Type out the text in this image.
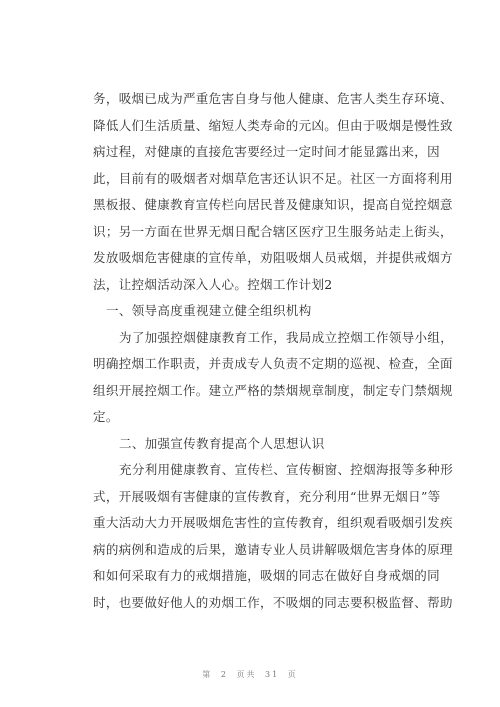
务，吸烟已成为严重危害自身与他人健康、危害人类生存环境、
降低人们生活质量、缩短人类寿命的元凶。但由于吸烟是慢性致
病过程，对健康的直接危害要经过一定时间才能显露出来，因
此，目前有的吸烟者对烟草危害还认识不足。社区一方面将利用
黑板报、健康教育宣传栏向居民普及健康知识，提高自觉控烟意
识；另一方面在世界无烟日配合辖区医疗卫生服务站走上街头，
发放吸烟危害健康的宣传单，劝阻吸烟人员戒烟，并提供戒烟方
法，让控烟活动深入人心。控烟工作计划2
一、领导高度重视建立健全组织机构
为了加强控烟健康教育工作，我局成立控烟工作领导小组，
明确控烟工作职责，并责成专人负责不定期的巡视、检查，全面
组织开展控烟工作。建立严格的禁烟规章制度，制定专门禁烟规
定。
二、加强宣传教育提高个人思想认识
充分利用健康教育、宣传栏、宣传橱窗、控烟海报等多种形
式，开展吸烟有害健康的宣传教育，充分利用“世界无烟日”等
重大活动大力开展吸烟危害性的宣传教育，组织观看吸烟引发疾
病的病例和造成的后果，邀请专业人员讲解吸烟危害身体的原理
和如何采取有力的戒烟措施，吸烟的同志在做好自身戒烟的同
时，也要做好他人的劝烟工作，不吸烟的同志要积极监督、帮助
第 2 页共 31 页
